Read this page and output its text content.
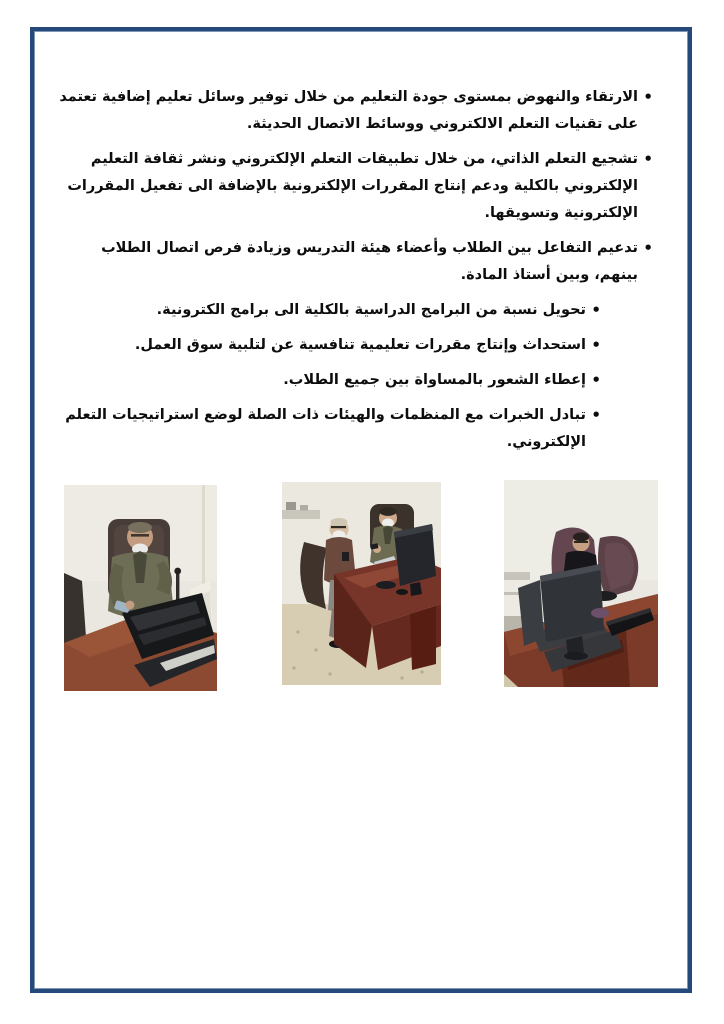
• الارتقاء والنهوض بمستوى جودة التعليم من خلال توفير وسائل تعليم إضافية تعتمد على تقنيات التعلم الالكتروني ووسائط الاتصال الحديثة.
• تشجيع التعلم الذاتي، من خلال تطبيقات التعلم الإلكتروني ونشر ثقافة التعليم الإلكتروني بالكلية ودعم إنتاج المقررات الإلكترونية بالإضافة الى تفعيل المقررات الإلكترونية وتسويقها.
• تدعيم التفاعل بين الطلاب وأعضاء هيئة التدريس وزيادة فرص اتصال الطلاب بينهم، وبين أستاذ المادة.
• تحويل نسبة من البرامج الدراسية بالكلية الى برامج الكترونية.
• استحداث وإنتاج مقررات تعليمية تنافسية عن لتلبية سوق العمل.
• إعطاء الشعور بالمساواة بين جميع الطلاب.
• تبادل الخبرات مع المنظمات والهيئات ذات الصلة لوضع استراتيجيات التعلم الإلكتروني.
